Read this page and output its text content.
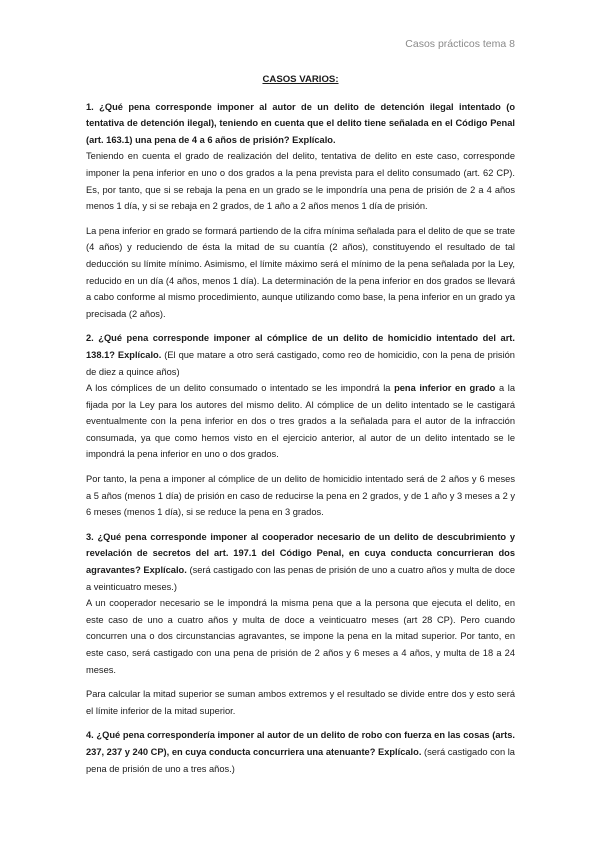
Casos prácticos tema 8
CASOS VARIOS:

1. ¿Qué pena corresponde imponer al autor de un delito de detención ilegal intentado (o tentativa de detención ilegal), teniendo en cuenta que el delito tiene señalada en el Código Penal (art. 163.1) una pena de 4 a 6 años de prisión? Explícalo.

Teniendo en cuenta el grado de realización del delito, tentativa de delito en este caso, corresponde imponer la pena inferior en uno o dos grados a la pena prevista para el delito consumado (art. 62 CP). Es, por tanto, que si se rebaja la pena en un grado se le impondría una pena de prisión de 2 a 4 años menos 1 día, y si se rebaja en 2 grados, de 1 año a 2 años menos 1 día de prisión.

La pena inferior en grado se formará partiendo de la cifra mínima señalada para el delito de que se trate (4 años) y reduciendo de ésta la mitad de su cuantía (2 años), constituyendo el resultado de tal deducción su límite mínimo. Asimismo, el límite máximo será el mínimo de la pena señalada por la Ley, reducido en un día (4 años, menos 1 día). La determinación de la pena inferior en dos grados se llevará a cabo conforme al mismo procedimiento, aunque utilizando como base, la pena inferior en un grado ya precisada (2 años).

2. ¿Qué pena corresponde imponer al cómplice de un delito de homicidio intentado del art. 138.1? Explícalo. (El que matare a otro será castigado, como reo de homicidio, con la pena de prisión de diez a quince años)

A los cómplices de un delito consumado o intentado se les impondrá la pena inferior en grado a la fijada por la Ley para los autores del mismo delito. Al cómplice de un delito intentado se le castigará eventualmente con la pena inferior en dos o tres grados a la señalada para el autor de la infracción consumada, ya que como hemos visto en el ejercicio anterior, al autor de un delito intentado se le impondrá la pena inferior en uno o dos grados.

Por tanto, la pena a imponer al cómplice de un delito de homicidio intentado será de 2 años y 6 meses a 5 años (menos 1 día) de prisión en caso de reducirse la pena en 2 grados, y de 1 año y 3 meses a 2 y 6 meses (menos 1 día), si se reduce la pena en 3 grados.

3. ¿Qué pena corresponde imponer al cooperador necesario de un delito de descubrimiento y revelación de secretos del art. 197.1 del Código Penal, en cuya conducta concurrieran dos agravantes? Explícalo. (será castigado con las penas de prisión de uno a cuatro años y multa de doce a veinticuatro meses.)

A un cooperador necesario se le impondrá la misma pena que a la persona que ejecuta el delito, en este caso de uno a cuatro años y multa de doce a veinticuatro meses (art 28 CP). Pero cuando concurren una o dos circunstancias agravantes, se impone la pena en la mitad superior. Por tanto, en este caso, será castigado con una pena de prisión de 2 años y 6 meses a 4 años, y multa de 18 a 24 meses.

Para calcular la mitad superior se suman ambos extremos y el resultado se divide entre dos y esto será el límite inferior de la mitad superior.

4. ¿Qué pena correspondería imponer al autor de un delito de robo con fuerza en las cosas (arts. 237, 237 y 240 CP), en cuya conducta concurriera una atenuante? Explícalo. (será castigado con la pena de prisión de uno a tres años.)
